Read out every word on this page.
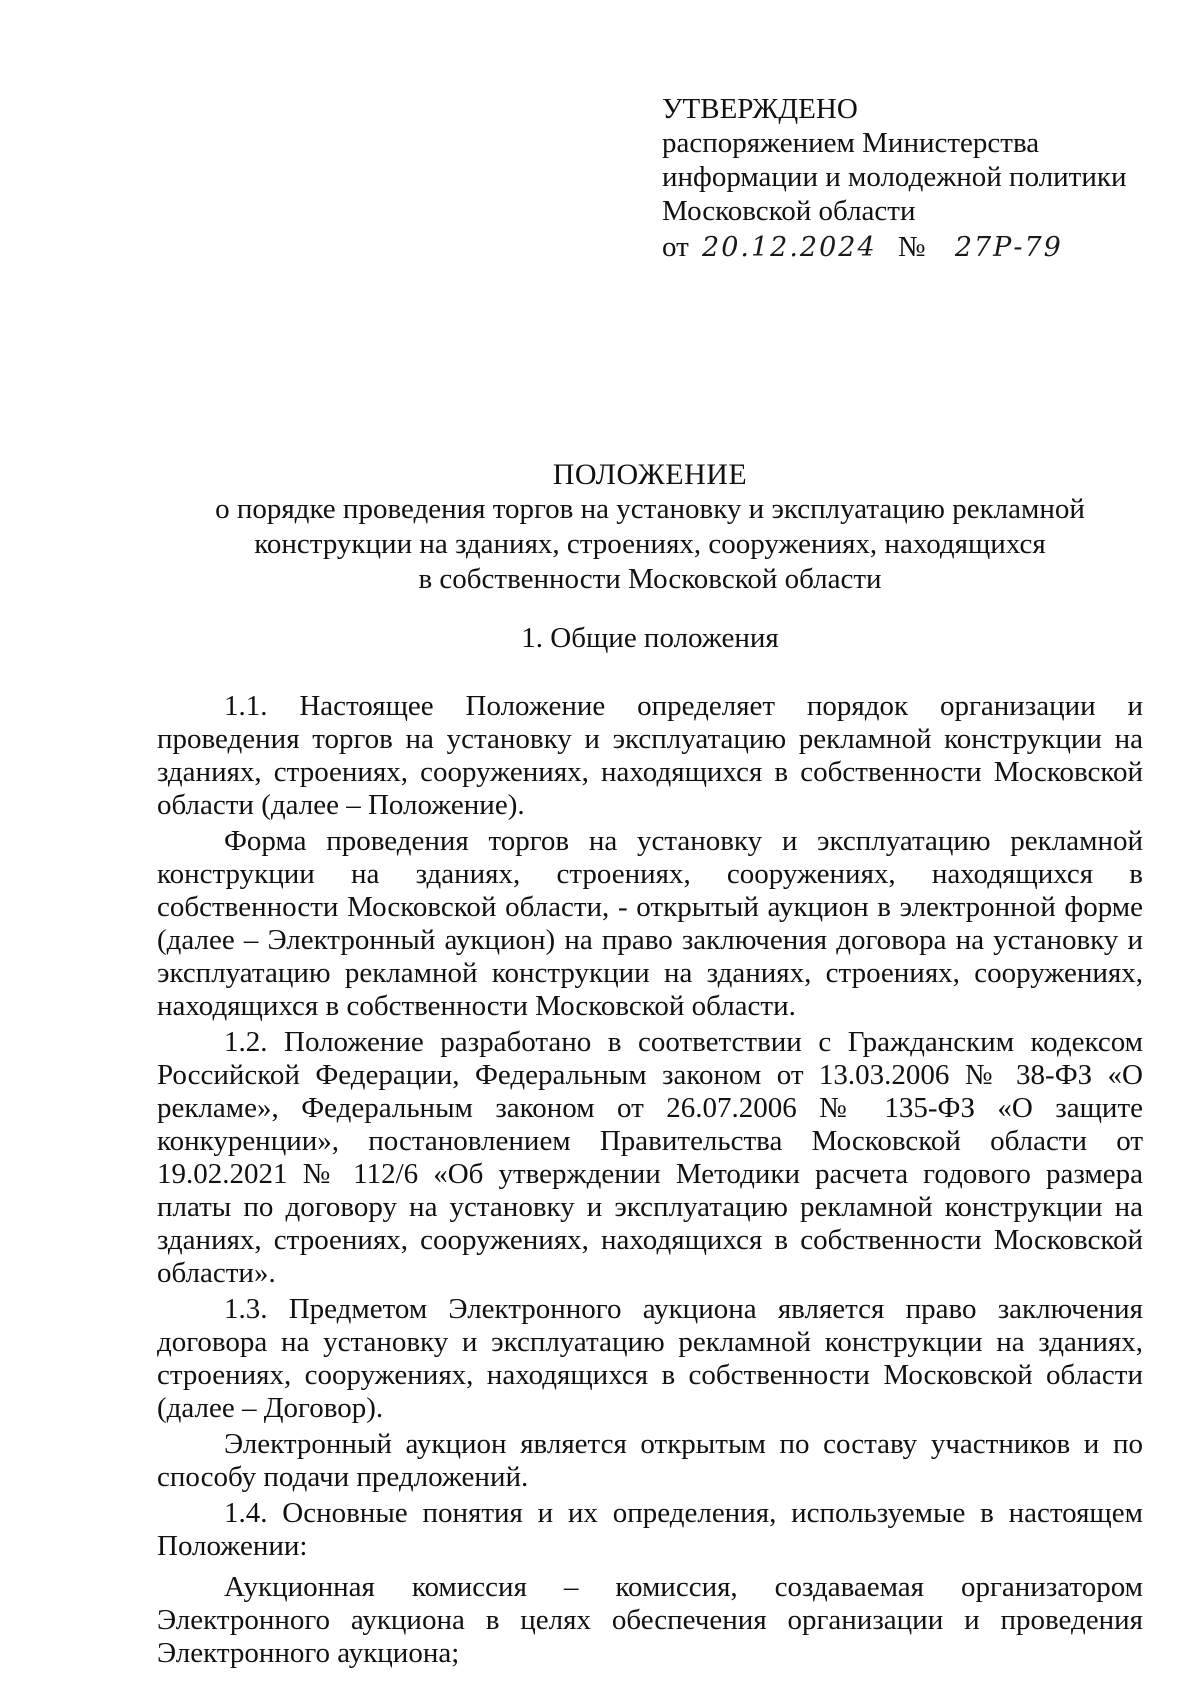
УТВЕРЖДЕНО
распоряжением Министерства
информации и молодежной политики
Московской области
от 20.12.2024 № 27Р-79
ПОЛОЖЕНИЕ
о порядке проведения торгов на установку и эксплуатацию рекламной
конструкции на зданиях, строениях, сооружениях, находящихся
в собственности Московской области
1. Общие положения

1.1. Настоящее Положение определяет порядок организации и проведения торгов на установку и эксплуатацию рекламной конструкции на зданиях, строениях, сооружениях, находящихся в собственности Московской области (далее – Положение).

Форма проведения торгов на установку и эксплуатацию рекламной конструкции на зданиях, строениях, сооружениях, находящихся в собственности Московской области, - открытый аукцион в электронной форме (далее – Электронный аукцион) на право заключения договора на установку и эксплуатацию рекламной конструкции на зданиях, строениях, сооружениях, находящихся в собственности Московской области.

1.2. Положение разработано в соответствии с Гражданским кодексом Российской Федерации, Федеральным законом от 13.03.2006 № 38-ФЗ «О рекламе», Федеральным законом от 26.07.2006 № 135-ФЗ «О защите конкуренции», постановлением Правительства Московской области от 19.02.2021 № 112/6 «Об утверждении Методики расчета годового размера платы по договору на установку и эксплуатацию рекламной конструкции на зданиях, строениях, сооружениях, находящихся в собственности Московской области».

1.3. Предметом Электронного аукциона является право заключения договора на установку и эксплуатацию рекламной конструкции на зданиях, строениях, сооружениях, находящихся в собственности Московской области (далее – Договор).

Электронный аукцион является открытым по составу участников и по способу подачи предложений.

1.4. Основные понятия и их определения, используемые в настоящем Положении:

Аукционная комиссия – комиссия, создаваемая организатором Электронного аукциона в целях обеспечения организации и проведения Электронного аукциона;
